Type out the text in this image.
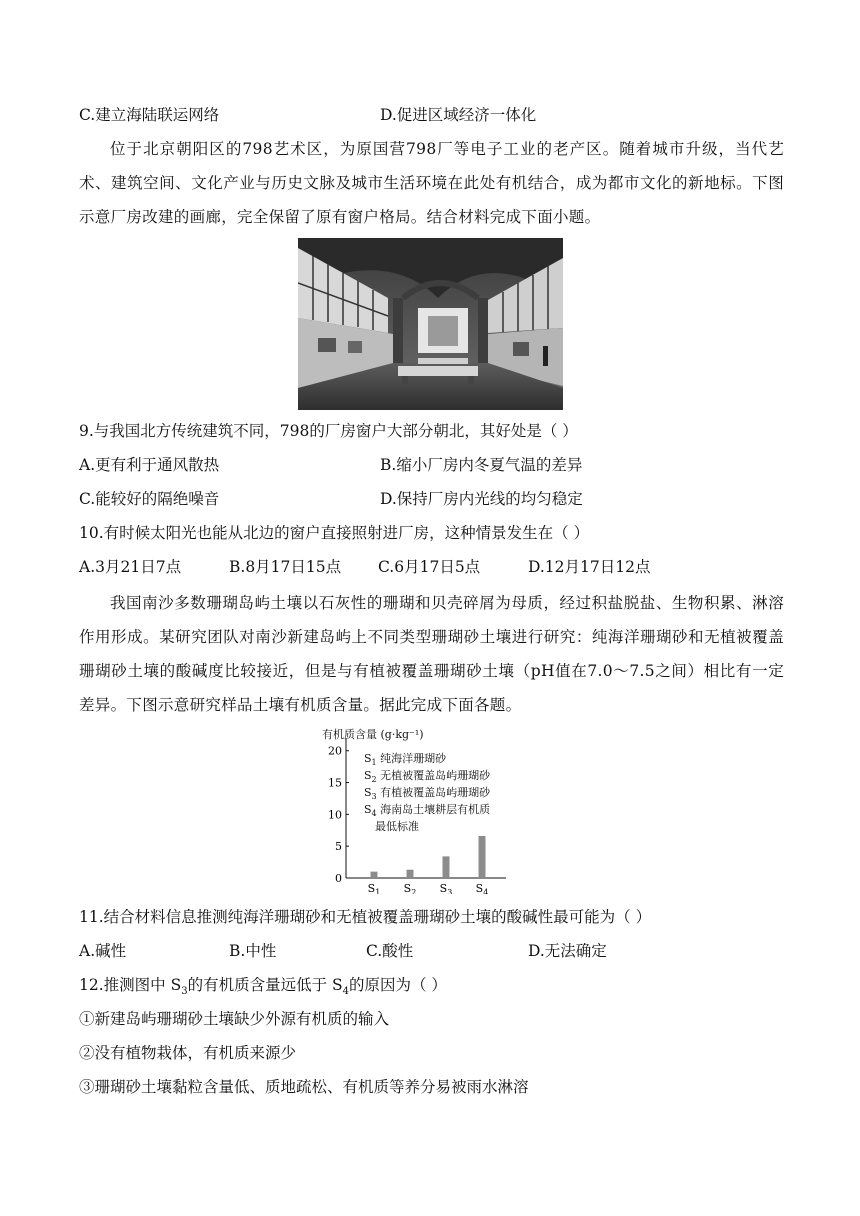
C.建立海陆联运网络	D.促进区域经济一体化
位于北京朝阳区的798艺术区，为原国营798厂等电子工业的老产区。随着城市升级，当代艺术、建筑空间、文化产业与历史文脉及城市生活环境在此处有机结合，成为都市文化的新地标。下图示意厂房改建的画廊，完全保留了原有窗户格局。结合材料完成下面小题。
9.与我国北方传统建筑不同，798的厂房窗户大部分朝北，其好处是（ ）
A.更有利于通风散热	B.缩小厂房内冬夏气温的差异
C.能较好的隔绝噪音	D.保持厂房内光线的均匀稳定
10.有时候太阳光也能从北边的窗户直接照射进厂房，这种情景发生在（ ）
A.3月21日7点	B.8月17日15点 C.6月17日5点	D.12月17日12点
我国南沙多数珊瑚岛屿土壤以石灰性的珊瑚和贝壳碎屑为母质，经过积盐脱盐、生物积累、淋溶作用形成。某研究团队对南沙新建岛屿上不同类型珊瑚砂土壤进行研究：纯海洋珊瑚砂和无植被覆盖珊瑚砂土壤的酸碱度比较接近，但是与有植被覆盖珊瑚砂土壤（pH值在7.0～7.5之间）相比有一定差异。下图示意研究样品土壤有机质含量。据此完成下面各题。
有机质含量 (g·kg⁻¹)
$S_1$ 纯海洋珊瑚砂
$S_2$ 无植被覆盖岛屿珊瑚砂
$S_3$ 有植被覆盖岛屿珊瑚砂
$S_4$ 海南岛土壤耕层有机质
最低标准
0
5
10
15
20
$S_1$ $S_2$ $S_3$ $S_4$
11.结合材料信息推测纯海洋珊瑚砂和无植被覆盖珊瑚砂土壤的酸碱性最可能为（ ）
A.碱性	B.中性	C.酸性	D.无法确定
12.推测图中 $S_3$的有机质含量远低于 $S_4$的原因为（ ）
①新建岛屿珊瑚砂土壤缺少外源有机质的输入
②没有植物栽体，有机质来源少
③珊瑚砂土壤黏粒含量低、质地疏松、有机质等养分易被雨水淋溶
